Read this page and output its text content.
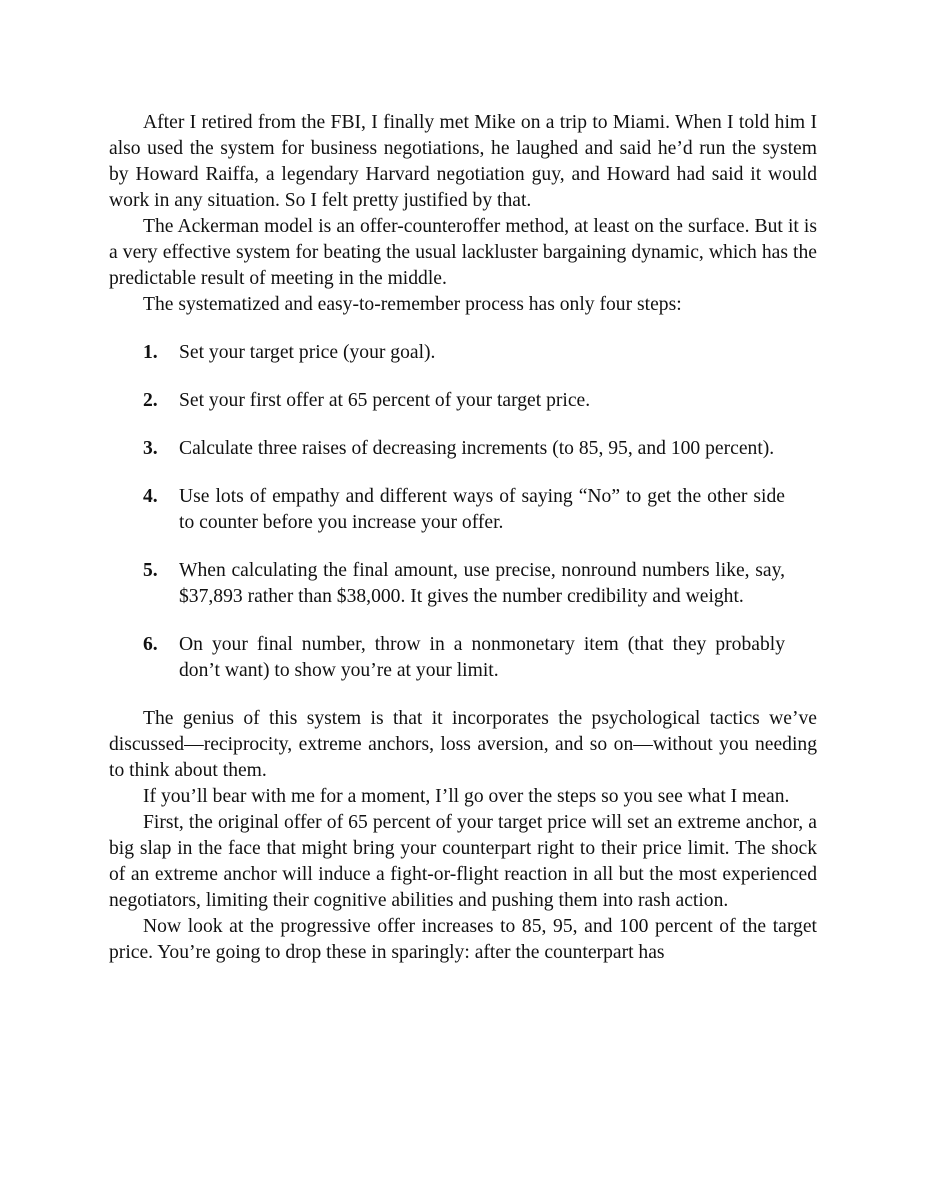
After I retired from the FBI, I finally met Mike on a trip to Miami. When I told him I also used the system for business negotiations, he laughed and said he’d run the system by Howard Raiffa, a legendary Harvard negotiation guy, and Howard had said it would work in any situation. So I felt pretty justified by that.

The Ackerman model is an offer-counteroffer method, at least on the surface. But it is a very effective system for beating the usual lackluster bargaining dynamic, which has the predictable result of meeting in the middle.

The systematized and easy-to-remember process has only four steps:

1. Set your target price (your goal).
2. Set your first offer at 65 percent of your target price.
3. Calculate three raises of decreasing increments (to 85, 95, and 100 percent).
4. Use lots of empathy and different ways of saying “No” to get the other side to counter before you increase your offer.
5. When calculating the final amount, use precise, nonround numbers like, say, $37,893 rather than $38,000. It gives the number credibility and weight.
6. On your final number, throw in a nonmonetary item (that they probably don’t want) to show you’re at your limit.

The genius of this system is that it incorporates the psychological tactics we’ve discussed—reciprocity, extreme anchors, loss aversion, and so on—without you needing to think about them.

If you’ll bear with me for a moment, I’ll go over the steps so you see what I mean.

First, the original offer of 65 percent of your target price will set an extreme anchor, a big slap in the face that might bring your counterpart right to their price limit. The shock of an extreme anchor will induce a fight-or-flight reaction in all but the most experienced negotiators, limiting their cognitive abilities and pushing them into rash action.

Now look at the progressive offer increases to 85, 95, and 100 percent of the target price. You’re going to drop these in sparingly: after the counterpart has
